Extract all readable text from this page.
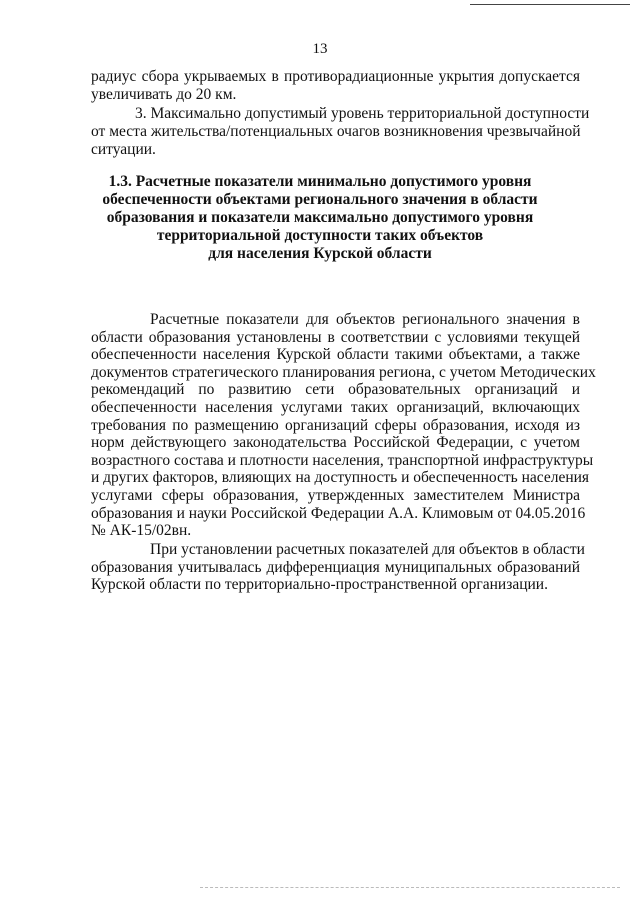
13
радиус сбора укрываемых в противорадиационные укрытия допускается
увеличивать до 20 км.
3. Максимально допустимый уровень территориальной доступности
от места жительства/потенциальных очагов возникновения чрезвычайной
ситуации.
1.3. Расчетные показатели минимально допустимого уровня
обеспеченности объектами регионального значения в области
образования и показатели максимально допустимого уровня
территориальной доступности таких объектов
для населения Курской области
Расчетные показатели для объектов регионального значения в
области образования установлены в соответствии с условиями текущей
обеспеченности населения Курской области такими объектами, а также
документов стратегического планирования региона, с учетом Методических
рекомендаций по развитию сети образовательных организаций и
обеспеченности населения услугами таких организаций, включающих
требования по размещению организаций сферы образования, исходя из
норм действующего законодательства Российской Федерации, с учетом
возрастного состава и плотности населения, транспортной инфраструктуры
и других факторов, влияющих на доступность и обеспеченность населения
услугами сферы образования, утвержденных заместителем Министра
образования и науки Российской Федерации А.А. Климовым от 04.05.2016
№ АК-15/02вн.
При установлении расчетных показателей для объектов в области
образования учитывалась дифференциация муниципальных образований
Курской области по территориально-пространственной организации.
